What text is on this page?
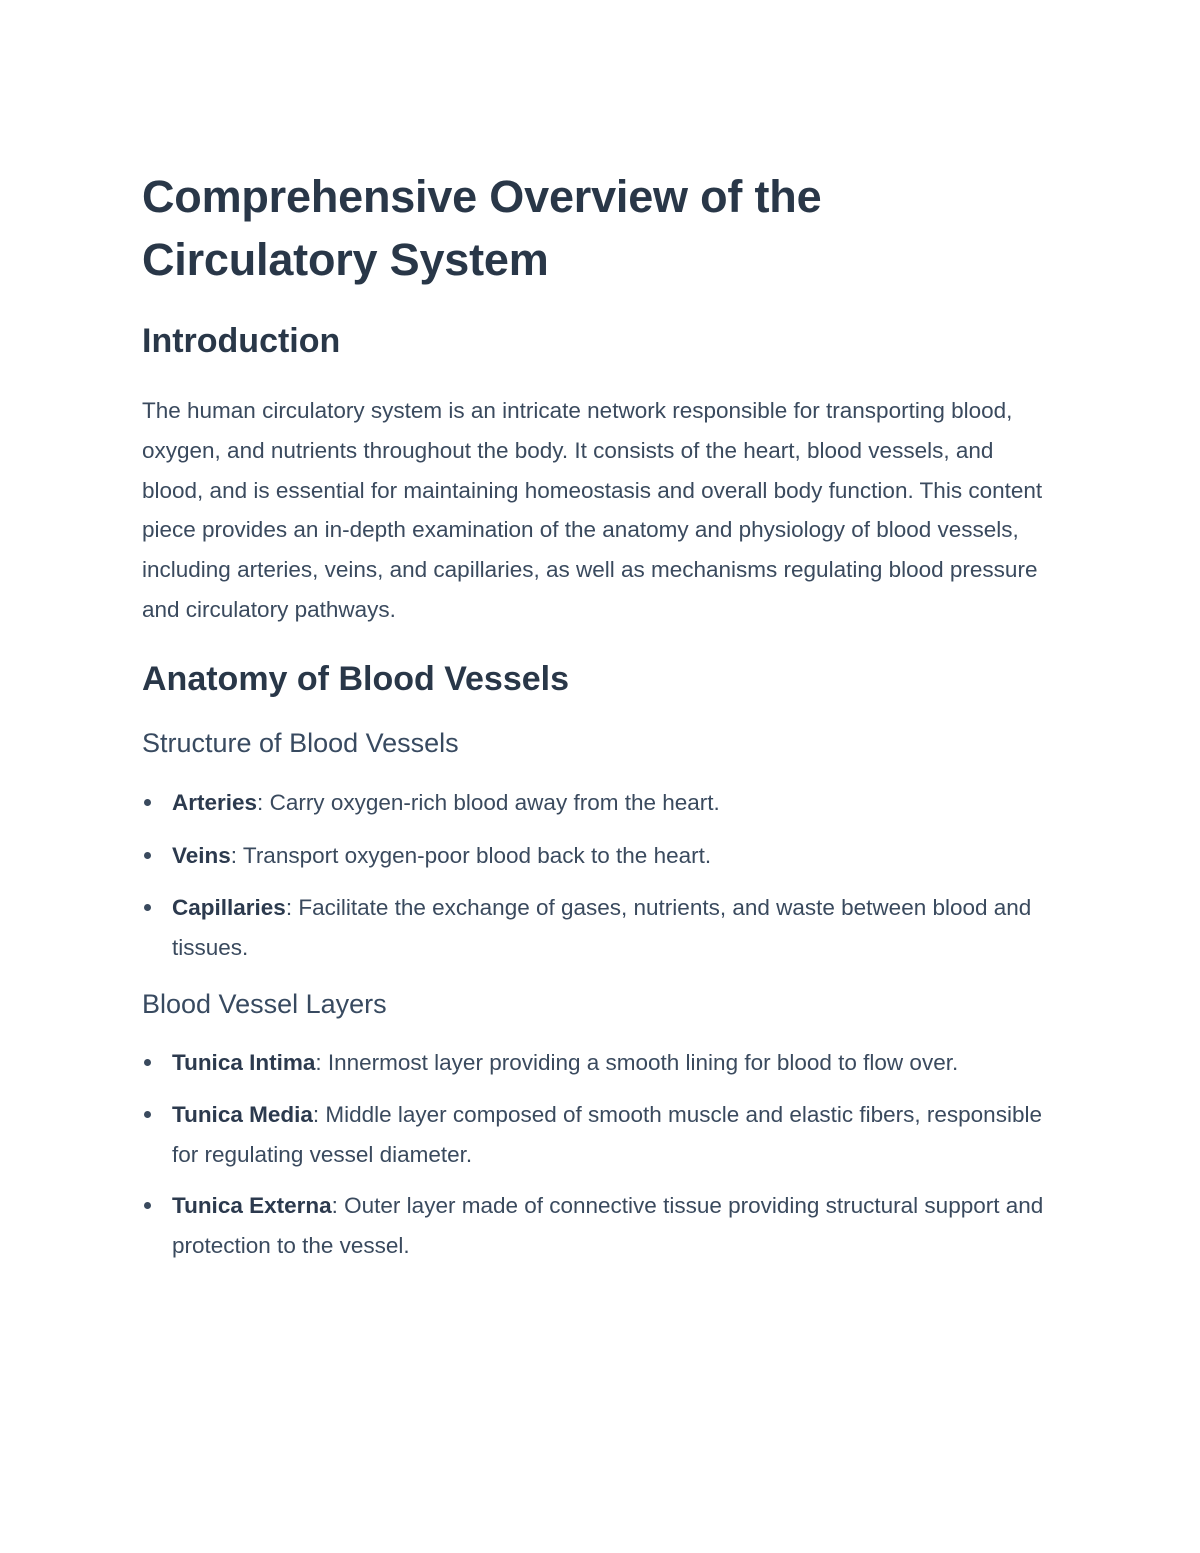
Comprehensive Overview of the Circulatory System
Introduction

The human circulatory system is an intricate network responsible for transporting blood, oxygen, and nutrients throughout the body. It consists of the heart, blood vessels, and blood, and is essential for maintaining homeostasis and overall body function. This content piece provides an in-depth examination of the anatomy and physiology of blood vessels, including arteries, veins, and capillaries, as well as mechanisms regulating blood pressure and circulatory pathways.

Anatomy of Blood Vessels
Structure of Blood Vessels
Arteries: Carry oxygen-rich blood away from the heart.
Veins: Transport oxygen-poor blood back to the heart.
Capillaries: Facilitate the exchange of gases, nutrients, and waste between blood and tissues.
Blood Vessel Layers
Tunica Intima: Innermost layer providing a smooth lining for blood to flow over.
Tunica Media: Middle layer composed of smooth muscle and elastic fibers, responsible for regulating vessel diameter.
Tunica Externa: Outer layer made of connective tissue providing structural support and protection to the vessel.
